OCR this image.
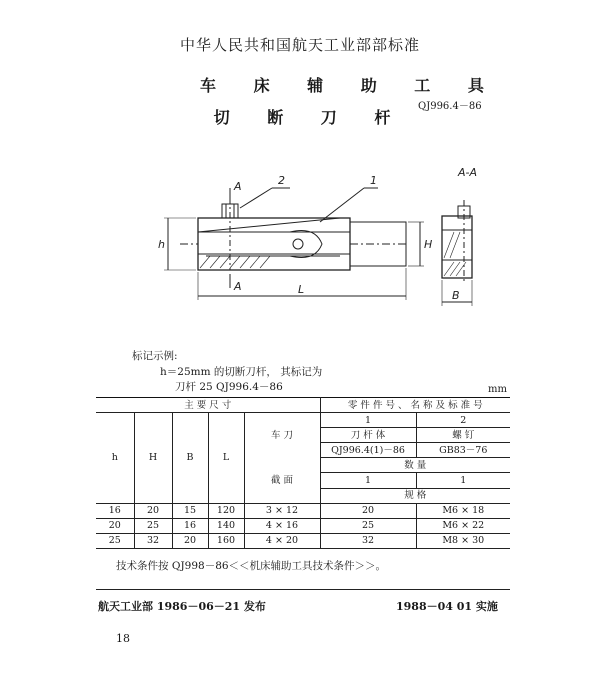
中华人民共和国航天工业部部标准
车 床 辅 助 工 具
切 断 刀 杆
QJ996.4－86
A-A
A
A
1
2
h	H
L	B
标记示例:
h＝25mm 的切断刀杆， 其标记为
刀杆 25 QJ996.4－86	mm
主 要 尺 寸					零 件 件 号 、 名 称 及 标 准 号	
h	H	B	L	车 刀	1	2
					刀 杆 体	螺 钉
					QJ996.4(1)－86	GB83－76
				截 面	数 量	
					1	1
					规 格	
16	20	15	120	3 × 12	20	M6 × 18
20	25	16	140	4 × 16	25	M6 × 22
25	32	20	160	4 × 20	32	M8 × 30
技术条件按 QJ998－86＜＜机床辅助工具技术条件＞＞。
航天工业部 1986－06－21 发布	1988－04 01 实施
18
